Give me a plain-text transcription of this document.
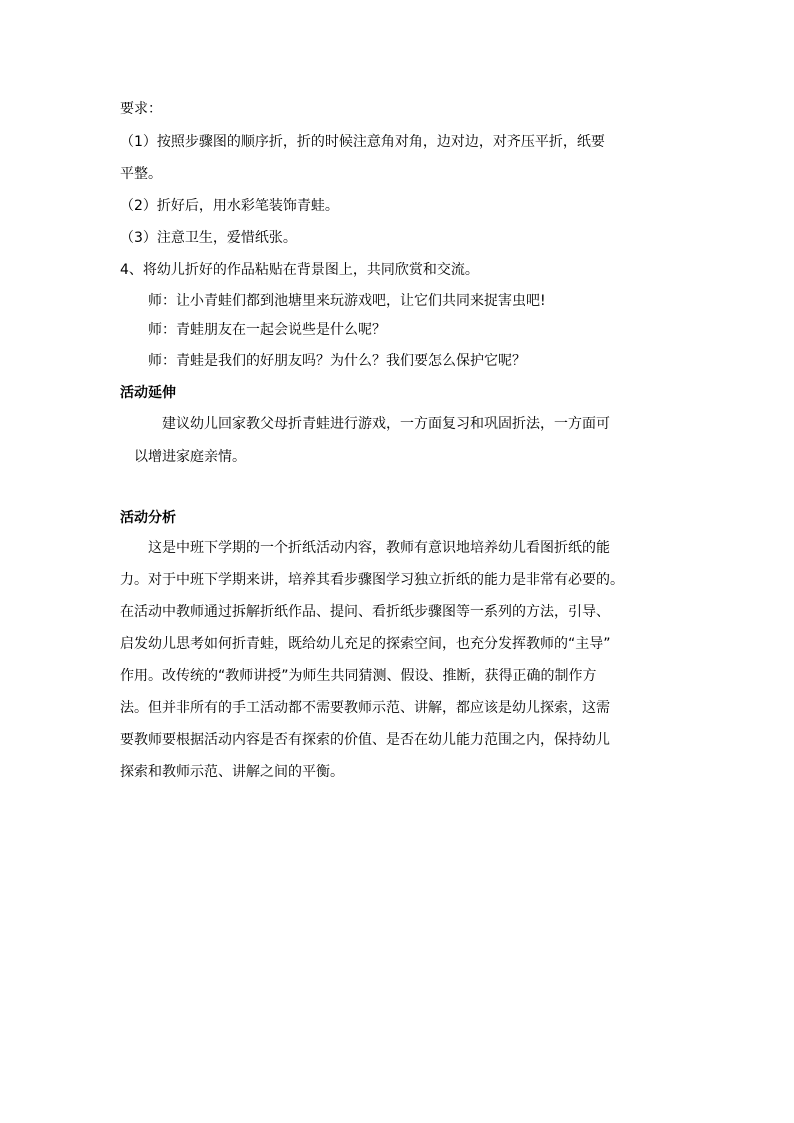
要求：
（1）按照步骤图的顺序折，折的时候注意角对角，边对边，对齐压平折，纸要
平整。
（2）折好后，用水彩笔装饰青蛙。
（3）注意卫生，爱惜纸张。
4、将幼儿折好的作品粘贴在背景图上，共同欣赏和交流。
师：让小青蛙们都到池塘里来玩游戏吧，让它们共同来捉害虫吧!
师：青蛙朋友在一起会说些是什么呢？
师：青蛙是我们的好朋友吗？为什么？我们要怎么保护它呢？
活动延伸
建议幼儿回家教父母折青蛙进行游戏，一方面复习和巩固折法，一方面可
以增进家庭亲情。
活动分析
这是中班下学期的一个折纸活动内容，教师有意识地培养幼儿看图折纸的能
力。对于中班下学期来讲，培养其看步骤图学习独立折纸的能力是非常有必要的。
在活动中教师通过拆解折纸作品、提问、看折纸步骤图等一系列的方法，引导、
启发幼儿思考如何折青蛙，既给幼儿充足的探索空间，也充分发挥教师的“主导”
作用。改传统的“教师讲授”为师生共同猜测、假设、推断，获得正确的制作方
法。但并非所有的手工活动都不需要教师示范、讲解，都应该是幼儿探索，这需
要教师要根据活动内容是否有探索的价值、是否在幼儿能力范围之内，保持幼儿
探索和教师示范、讲解之间的平衡。
